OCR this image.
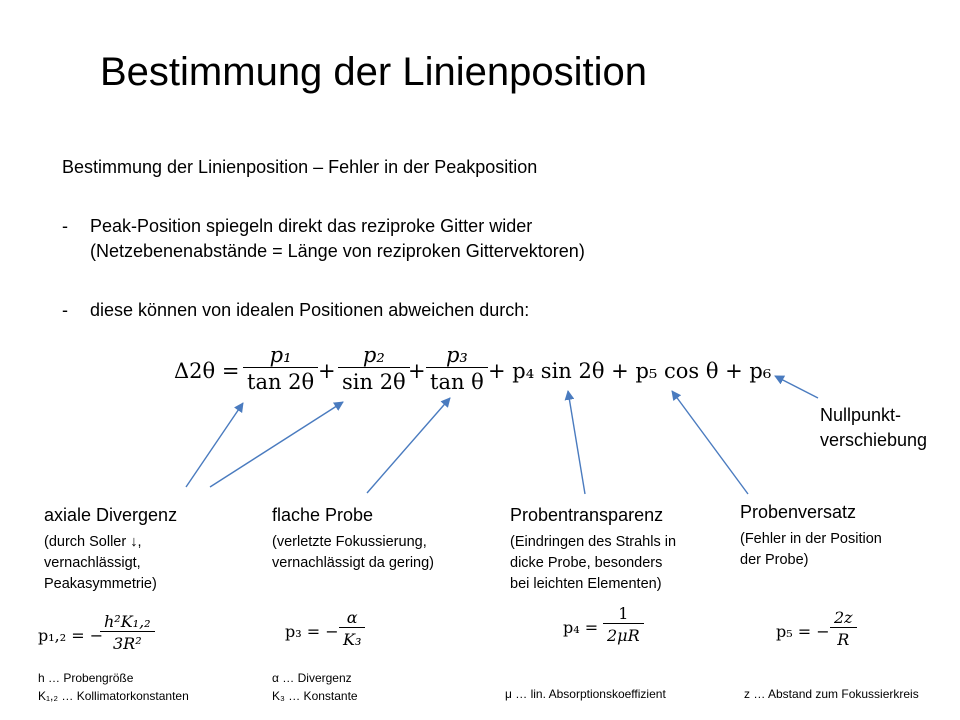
Bestimmung der Linienposition
Bestimmung der Linienposition – Fehler in der Peakposition
- Peak-Position spiegeln direkt das reziproke Gitter wider
(Netzebenenabstände = Länge von reziproken Gittervektoren)
- diese können von idealen Positionen abweichen durch:
$\Delta 2\theta = \frac{\text{p₁}}{\tan 2\theta} + \frac{\text{p₂}}{\sin 2\theta}$
+ $\frac{\text{p₃}}{\text{tan θ}} + p_4$ sin 2θ + p₅ cos θ + p₆
Nullpunkt-
verschiebung
axiale Divergenz
(durch Soller ↓,
vernachlässigt,
Peakasymmetrie)
flache Probe
(verletzte Fokussierung,
vernachlässigt da gering)
Probentransparenz
(Eindringen des Strahls in
dicke Probe, besonders
bei leichten Elementen)
Probenversatz
(Fehler in der Position
der Probe)
p₁,₂ = −
$\frac{\text{h²K₁,₂}}{\text{3R²}}$	p₃ = − $\frac{\alpha}{\text{K₃}}$	$p_4 = \frac{1}{2\mu R}$	p₅ = − $\frac{2z}{R}$
h … Probengröße
K₁,₂ … Kollimatorkonstanten
α … Divergenz
K₃ … Konstante	μ … lin. Absorptionskoeffizient	z … Abstand zum Fokussierkreis
